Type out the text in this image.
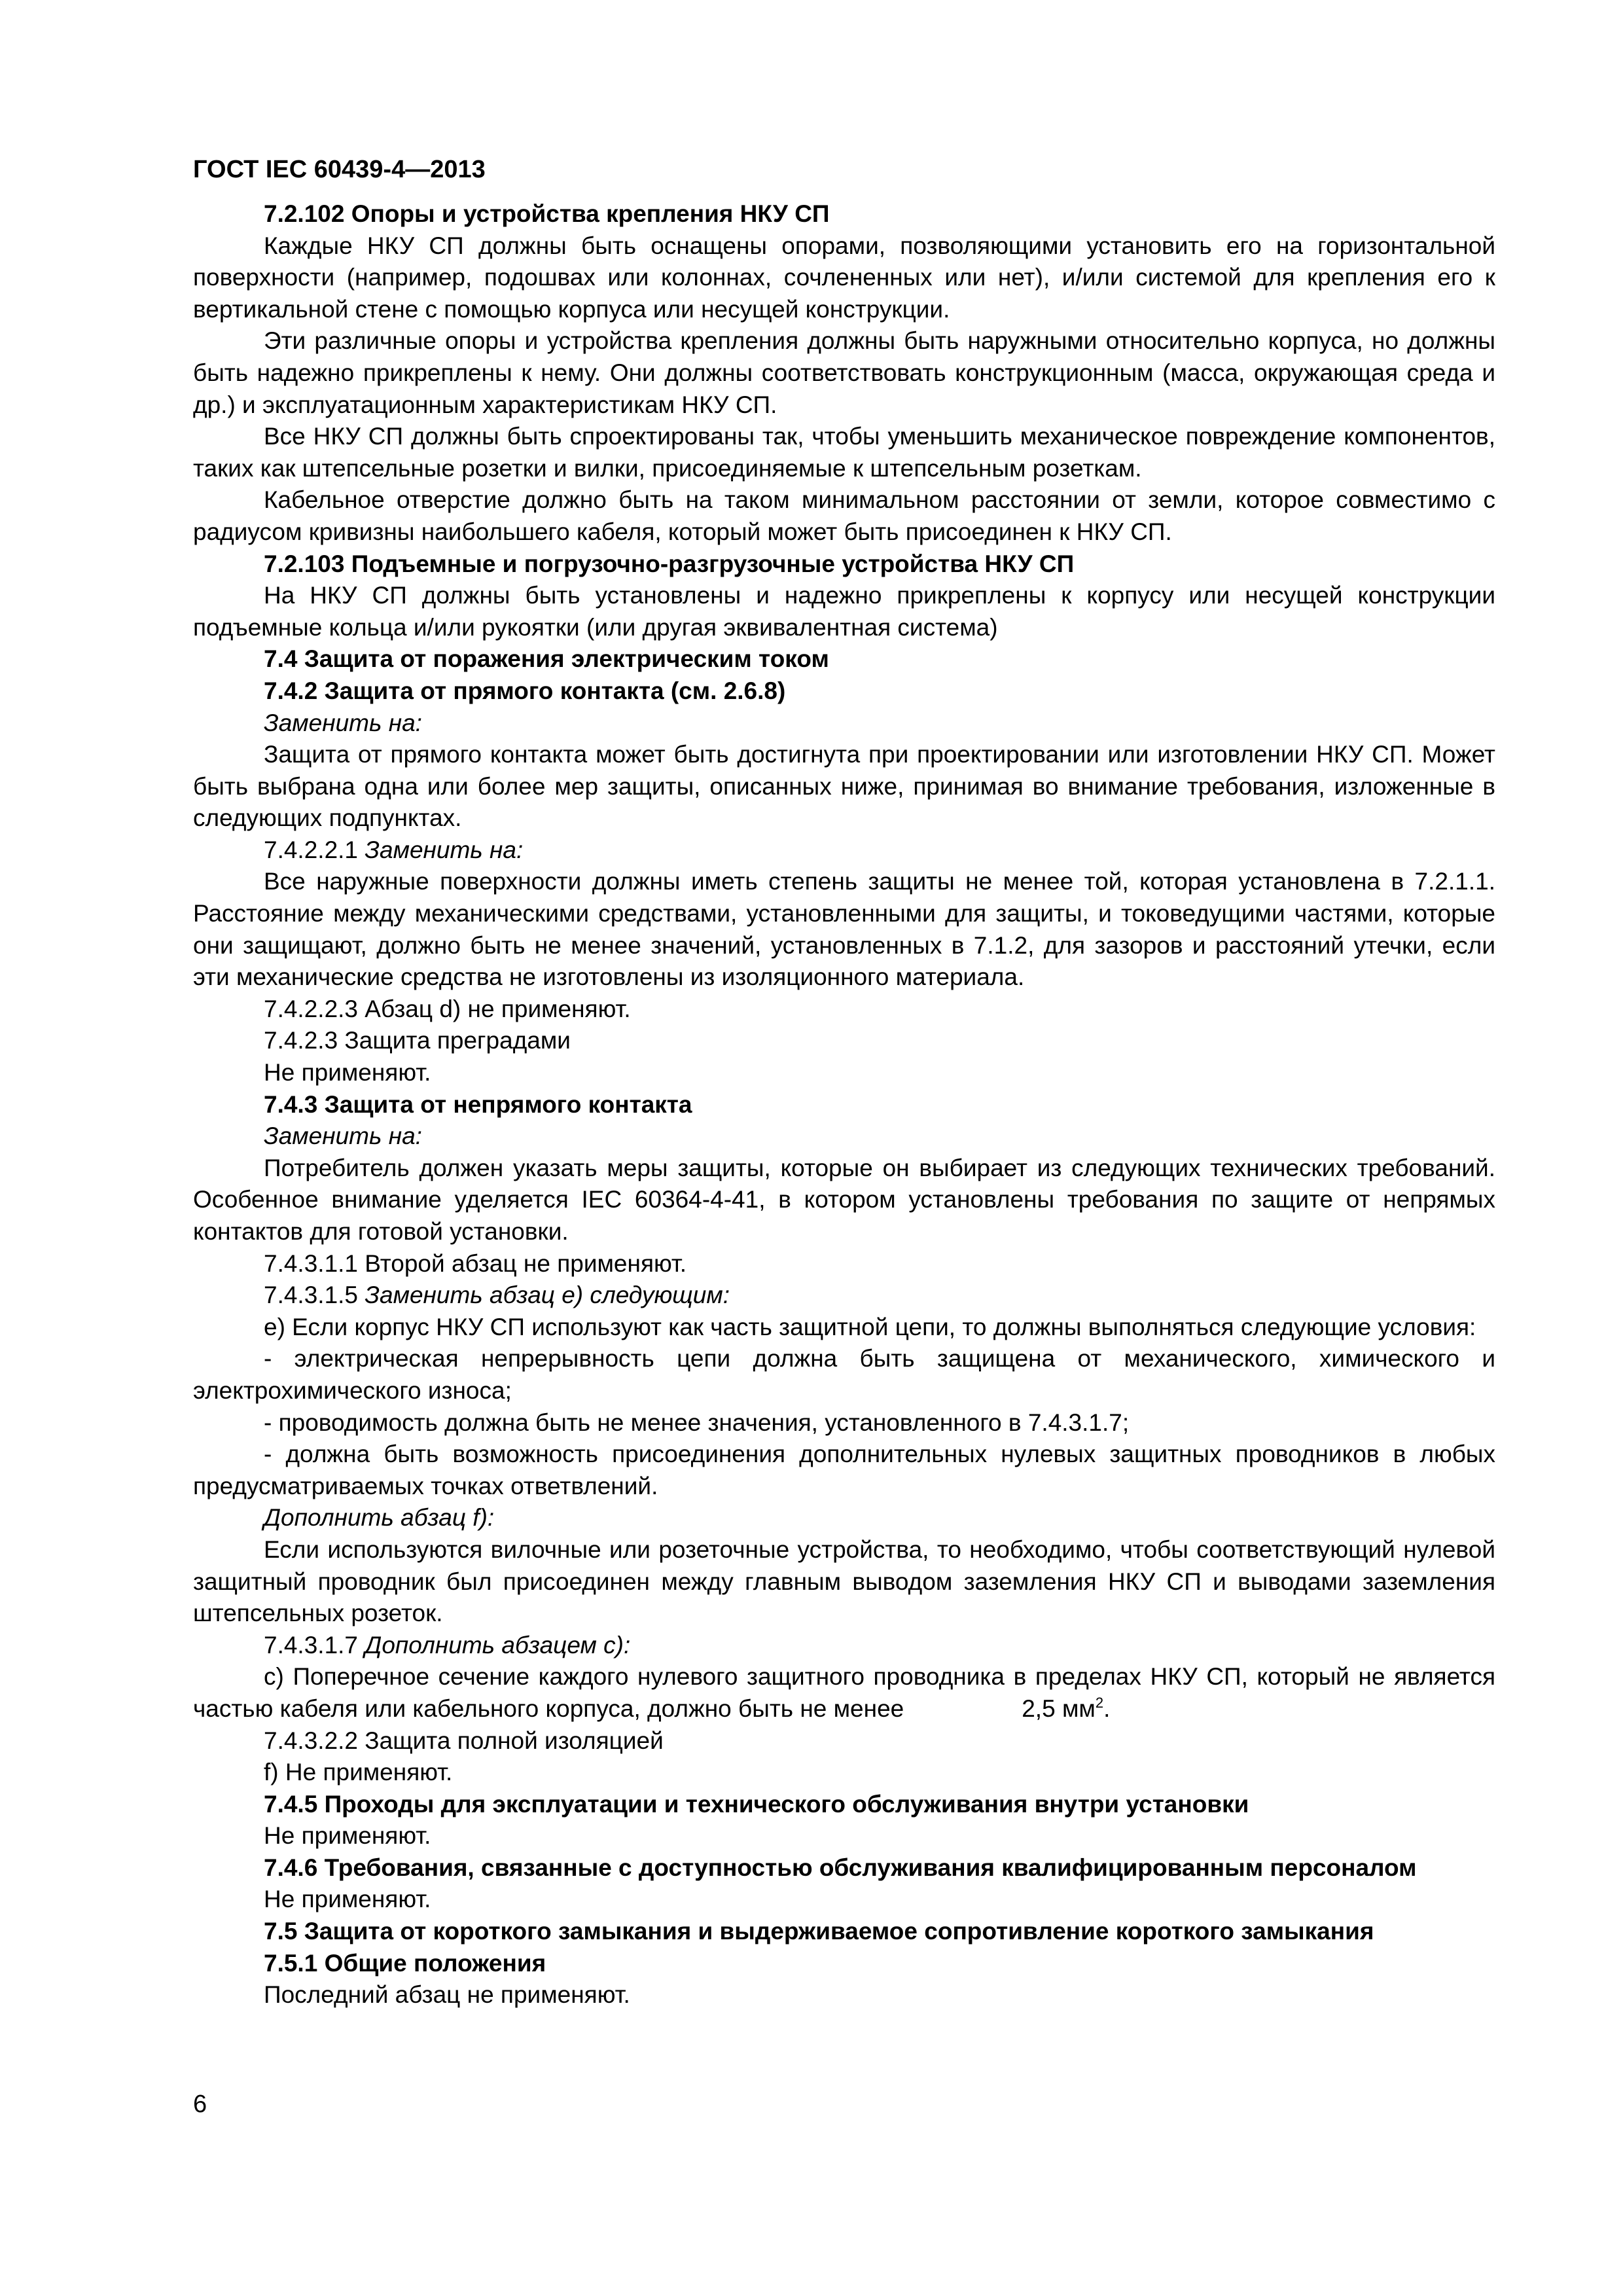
ГОСТ IEC 60439-4—2013

7.2.102 Опоры и устройства крепления НКУ СП

Каждые НКУ СП должны быть оснащены опорами, позволяющими установить его на горизонтальной поверхности (например, подошвах или колоннах, сочлененных или нет), и/или системой для крепления его к вертикальной стене с помощью корпуса или несущей конструкции.

Эти различные опоры и устройства крепления должны быть наружными относительно корпуса, но должны быть надежно прикреплены к нему. Они должны соответствовать конструкционным (масса, окружающая среда и др.) и эксплуатационным характеристикам НКУ СП.

Все НКУ СП должны быть спроектированы так, чтобы уменьшить механическое повреждение компонентов, таких как штепсельные розетки и вилки, присоединяемые к штепсельным розеткам.

Кабельное отверстие должно быть на таком минимальном расстоянии от земли, которое совместимо с радиусом кривизны наибольшего кабеля, который может быть присоединен к НКУ СП.

7.2.103 Подъемные и погрузочно-разгрузочные устройства НКУ СП

На НКУ СП должны быть установлены и надежно прикреплены к корпусу или несущей конструкции подъемные кольца и/или рукоятки (или другая эквивалентная система)

7.4 Защита от поражения электрическим током

7.4.2 Защита от прямого контакта (см. 2.6.8)

Заменить на:

Защита от прямого контакта может быть достигнута при проектировании или изготовлении НКУ СП. Может быть выбрана одна или более мер защиты, описанных ниже, принимая во внимание требования, изложенные в следующих подпунктах.

7.4.2.2.1 Заменить на:

Все наружные поверхности должны иметь степень защиты не менее той, которая установлена в 7.2.1.1. Расстояние между механическими средствами, установленными для защиты, и токоведущими частями, которые они защищают, должно быть не менее значений, установленных в 7.1.2, для зазоров и расстояний утечки, если эти механические средства не изготовлены из изоляционного материала.

7.4.2.2.3 Абзац d) не применяют.

7.4.2.3 Защита преградами

Не применяют.

7.4.3 Защита от непрямого контакта

Заменить на:

Потребитель должен указать меры защиты, которые он выбирает из следующих технических требований. Особенное внимание уделяется IEC 60364-4-41, в котором установлены требования по защите от непрямых контактов для готовой установки.

7.4.3.1.1 Второй абзац не применяют.

7.4.3.1.5 Заменить абзац e) следующим:

e) Если корпус НКУ СП используют как часть защитной цепи, то должны выполняться следующие условия:

- электрическая непрерывность цепи должна быть защищена от механического, химического и электрохимического износа;

- проводимость должна быть не менее значения, установленного в 7.4.3.1.7;

- должна быть возможность присоединения дополнительных нулевых защитных проводников в любых предусматриваемых точках ответвлений.

Дополнить абзац f):

Если используются вилочные или розеточные устройства, то необходимо, чтобы соответствующий нулевой защитный проводник был присоединен между главным выводом заземления НКУ СП и выводами заземления штепсельных розеток.

7.4.3.1.7 Дополнить абзацем c):

c) Поперечное сечение каждого нулевого защитного проводника в пределах НКУ СП, который не является частью кабеля или кабельного корпуса, должно быть не менее	2,5 $мм^2$.

7.4.3.2.2 Защита полной изоляцией

f) Не применяют.

7.4.5 Проходы для эксплуатации и технического обслуживания внутри установки

Не применяют.

7.4.6 Требования, связанные с доступностью обслуживания квалифицированным персоналом

Не применяют.

7.5 Защита от короткого замыкания и выдерживаемое сопротивление короткого замыкания

7.5.1 Общие положения

Последний абзац не применяют.

6
